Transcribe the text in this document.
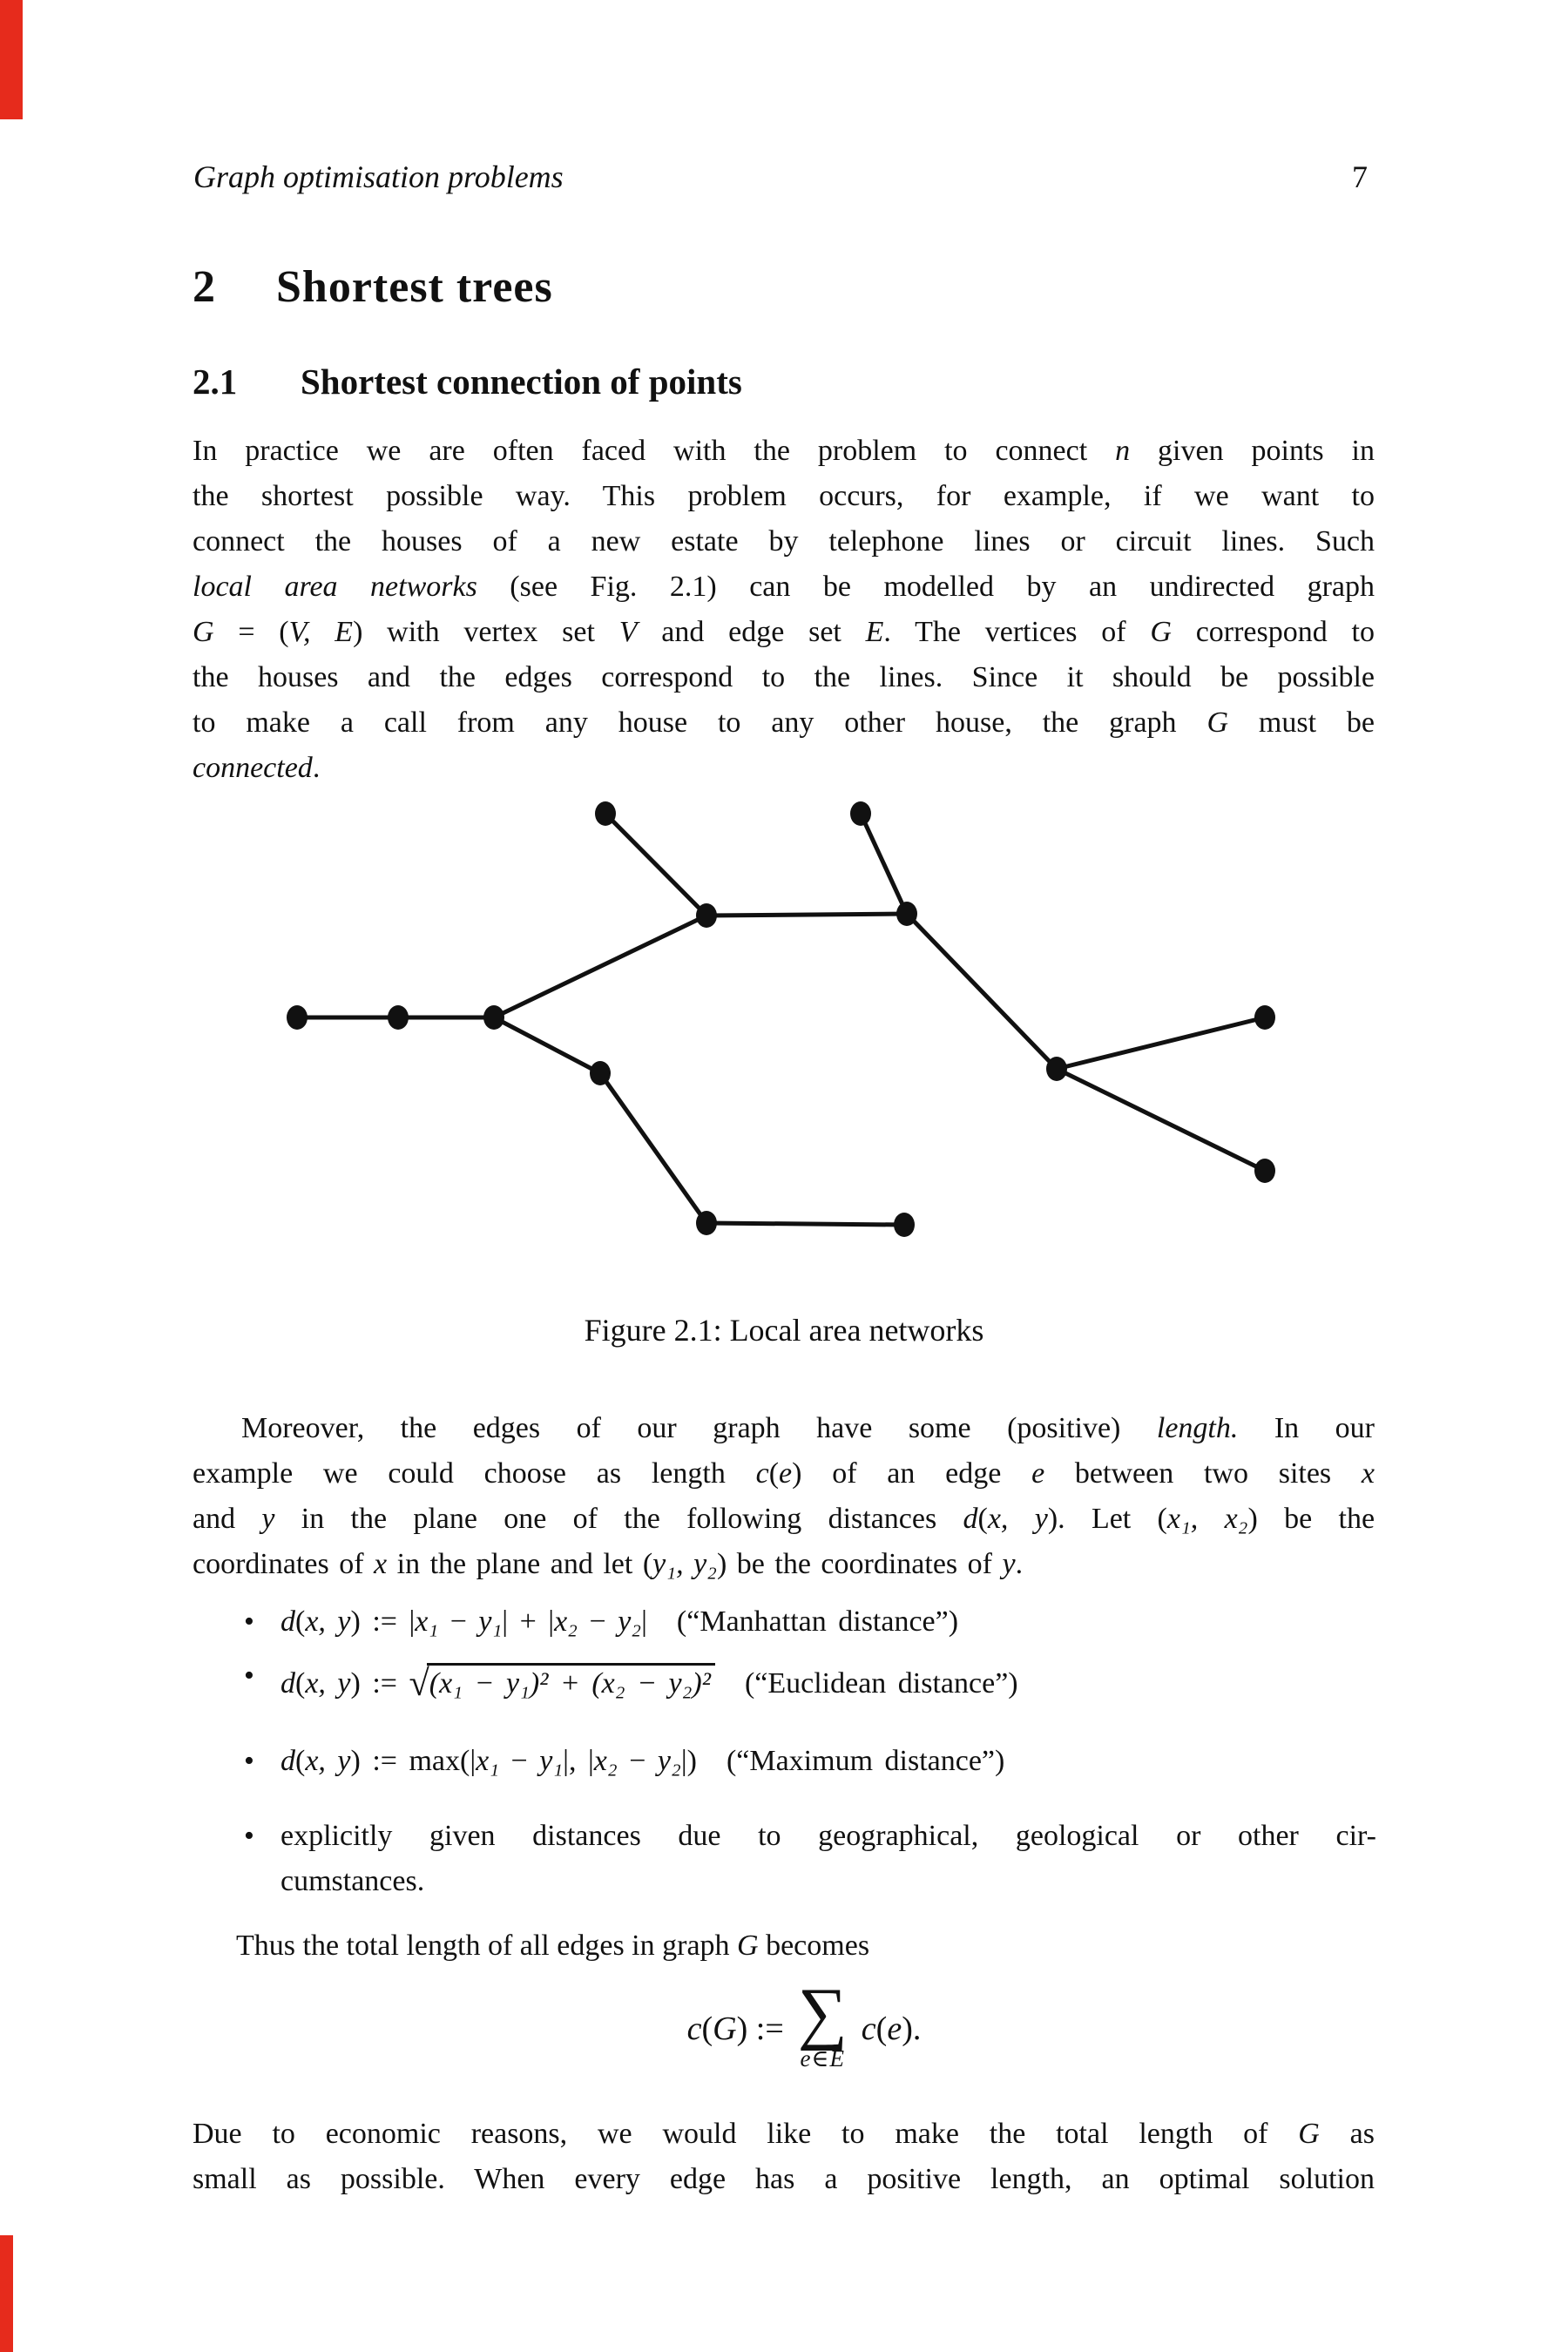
Graph optimisation problems	7
2 Shortest trees
2.1 Shortest connection of points
In practice we are often faced with the problem to connect n given points in
the shortest possible way. This problem occurs, for example, if we want to
connect the houses of a new estate by telephone lines or circuit lines. Such
local area networks (see Fig. 2.1) can be modelled by an undirected graph
G = (V, E) with vertex set V and edge set E. The vertices of G correspond to
the houses and the edges correspond to the lines. Since it should be possible
to make a call from any house to any other house, the graph G must be
connected.
Figure 2.1: Local area networks
Moreover, the edges of our graph have some (positive) length. In our
example we could choose as length c(e) of an edge e between two sites x
and y in the plane one of the following distances d(x, y). Let (x₁, x₂) be the
coordinates of x in the plane and let (y₁, y₂) be the coordinates of y.
• d(x, y) := |x₁ − y₁| + |x₂ − y₂|  (“Manhattan distance”)
• d(x, y) := √(x₁ − y₁)² + (x₂ − y₂)²  (“Euclidean distance”)
• d(x, y) := max(|x₁ − y₁|, |x₂ − y₂|)  (“Maximum distance”)
• explicitly given distances due to geographical, geological or other cir-
cumstances.
Thus the total length of all edges in graph G becomes
c(G) := ∑
e∈E
c(e).
Due to economic reasons, we would like to make the total length of G as
small as possible. When every edge has a positive length, an optimal solution
